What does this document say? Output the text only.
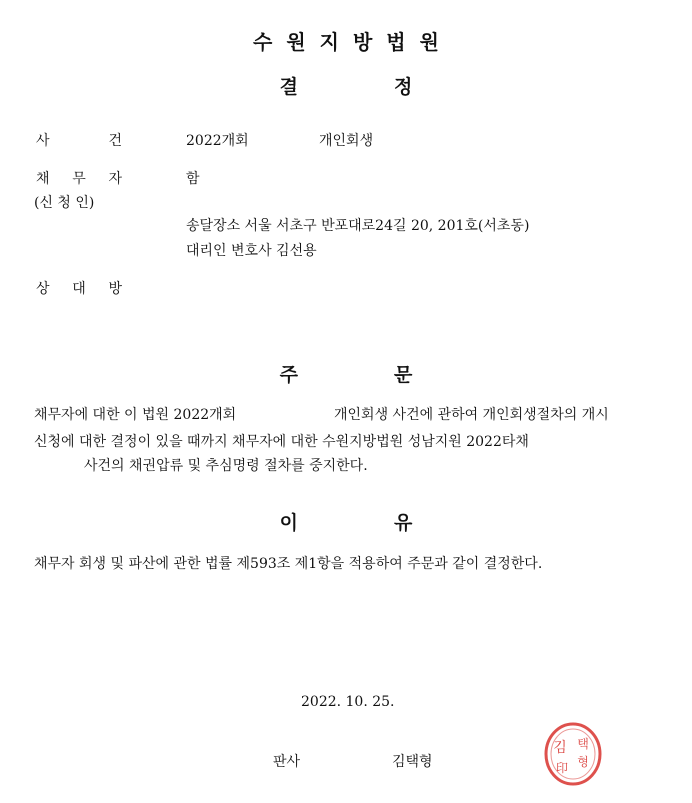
수원지방법원
결	정
사	건	2022개회	개인회생
채 무 자	함
(신 청 인)
송달장소 서울 서초구 반포대로24길 20, 201호(서초동)
대리인 변호사 김선용
상 대 방
주	문
채무자에 대한 이 법원 2022개회	개인회생 사건에 관하여 개인회생절차의 개시
신청에 대한 결정이 있을 때까지 채무자에 대한 수원지방법원 성남지원 2022타채
사건의 채권압류 및 추심명령 절차를 중지한다.
이	유
채무자 회생 및 파산에 관한 법률 제593조 제1항을 적용하여 주문과 같이 결정한다.
2022. 10. 25.
판사	김택형
김 택
형
印
